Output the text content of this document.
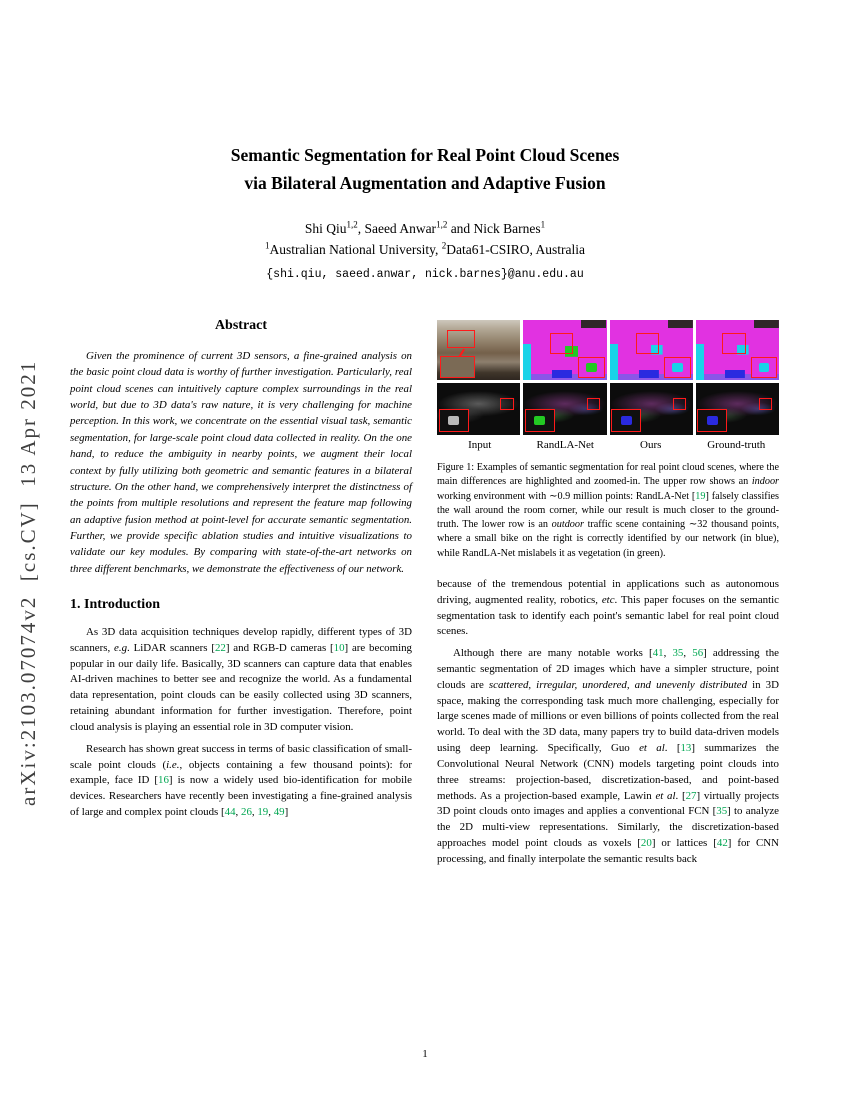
arXiv:2103.07074v2  [cs.CV]  13 Apr 2021
Semantic Segmentation for Real Point Cloud Scenes
via Bilateral Augmentation and Adaptive Fusion
Shi Qiu$^{1,2}$, Saeed Anwar$^{1,2}$ and Nick Barnes$^1$
$^1$Australian National University, $^2$Data61-CSIRO, Australia
{shi.qiu, saeed.anwar, nick.barnes}@anu.edu.au
Abstract

Given the prominence of current 3D sensors, a fine-grained analysis on the basic point cloud data is worthy of further investigation. Particularly, real point cloud scenes can intuitively capture complex surroundings in the real world, but due to 3D data's raw nature, it is very challenging for machine perception. In this work, we concentrate on the essential visual task, semantic segmentation, for large-scale point cloud data collected in reality. On the one hand, to reduce the ambiguity in nearby points, we augment their local context by fully utilizing both geometric and semantic features in a bilateral structure. On the other hand, we comprehensively interpret the distinctness of the points from multiple resolutions and represent the feature map following an adaptive fusion method at point-level for accurate semantic segmentation. Further, we provide specific ablation studies and intuitive visualizations to validate our key modules. By comparing with state-of-the-art networks on three different benchmarks, we demonstrate the effectiveness of our network.

1. Introduction

As 3D data acquisition techniques develop rapidly, different types of 3D scanners, e.g. LiDAR scanners [22] and RGB-D cameras [10] are becoming popular in our daily life. Basically, 3D scanners can capture data that enables AI-driven machines to better see and recognize the world. As a fundamental data representation, point clouds can be easily collected using 3D scanners, retaining abundant information for further investigation. Therefore, point cloud analysis is playing an essential role in 3D computer vision.

Research has shown great success in terms of basic classification of small-scale point clouds (i.e., objects containing a few thousand points): for example, face ID [16] is now a widely used bio-identification for mobile devices. Researchers have recently been investigating a fine-grained analysis of large and complex point clouds [44, 26, 19, 49]

Input	RandLA-Net	Ours	Ground-truth

Figure 1: Examples of semantic segmentation for real point cloud scenes, where the main differences are highlighted and zoomed-in. The upper row shows an indoor working environment with ∼0.9 million points: RandLA-Net [19] falsely classifies the wall around the room corner, while our result is much closer to the ground-truth. The lower row is an outdoor traffic scene containing ∼32 thousand points, where a small bike on the right is correctly identified by our network (in blue), while RandLA-Net mislabels it as vegetation (in green).

because of the tremendous potential in applications such as autonomous driving, augmented reality, robotics, etc. This paper focuses on the semantic segmentation task to identify each point's semantic label for real point cloud scenes.

Although there are many notable works [41, 35, 56] addressing the semantic segmentation of 2D images which have a simpler structure, point clouds are scattered, irregular, unordered, and unevenly distributed in 3D space, making the corresponding task much more challenging, especially for large scenes made of millions or even billions of points collected from the real world. To deal with the 3D data, many papers try to build data-driven models using deep learning. Specifically, Guo et al. [13] summarizes the Convolutional Neural Network (CNN) models targeting point clouds into three streams: projection-based, discretization-based, and point-based methods. As a projection-based example, Lawin et al. [27] virtually projects 3D point clouds onto images and applies a conventional FCN [35] to analyze the 2D multi-view representations. Similarly, the discretization-based approaches model point clouds as voxels [20] or lattices [42] for CNN processing, and finally interpolate the semantic results back

1
